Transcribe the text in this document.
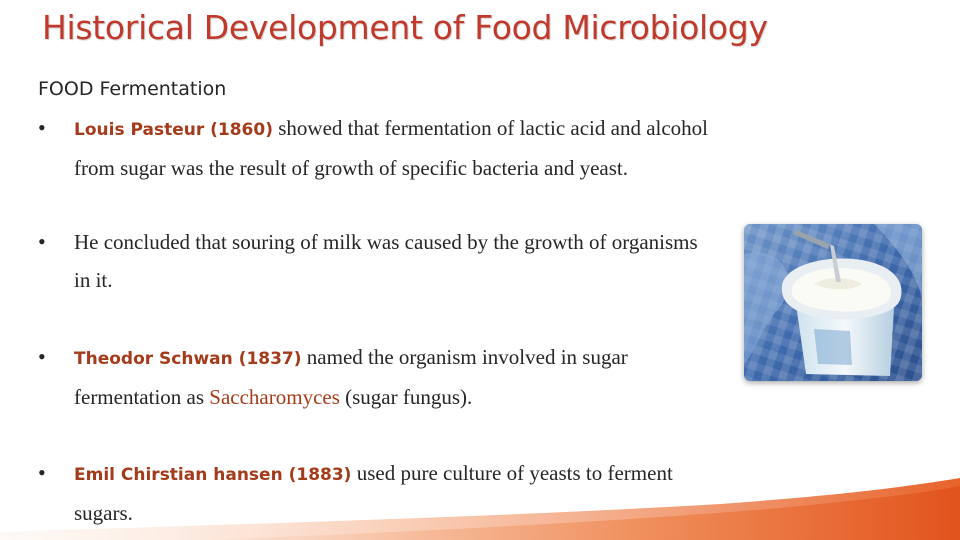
Historical Development of Food Microbiology
FOOD Fermentation
•	Louis Pasteur (1860) showed that fermentation of lactic acid and alcohol from sugar was the result of growth of specific bacteria and yeast.
•	He concluded that souring of milk was caused by the growth of organisms in it.
•	Theodor Schwan (1837) named the organism involved in sugar fermentation as Saccharomyces (sugar fungus).
•	Emil Chirstian hansen (1883) used pure culture of yeasts to ferment sugars.
